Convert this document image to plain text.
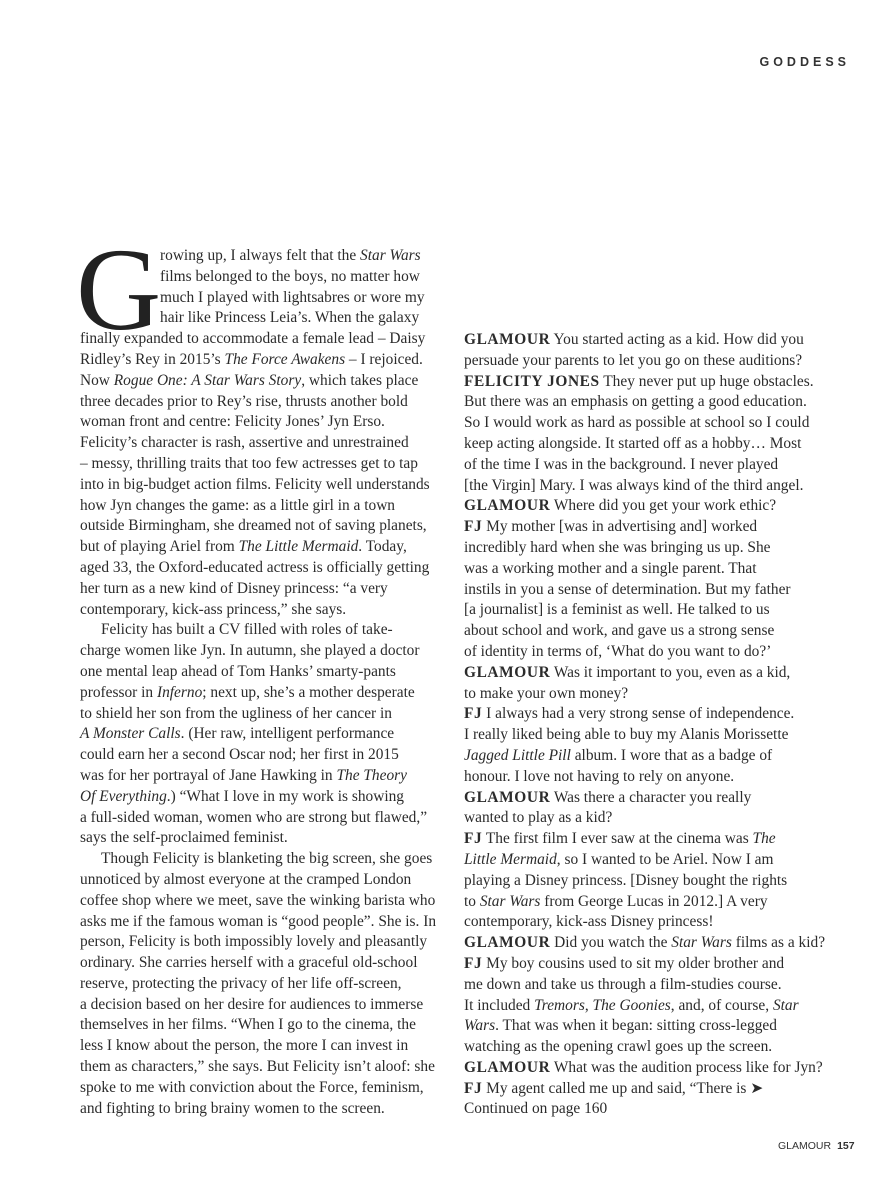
GODDESS
G
rowing up, I always felt that the Star Wars
films belonged to the boys, no matter how
much I played with lightsabres or wore my
hair like Princess Leia’s. When the galaxy
finally expanded to accommodate a female lead – Daisy
Ridley’s Rey in 2015’s The Force Awakens – I rejoiced.
Now Rogue One: A Star Wars Story, which takes place
three decades prior to Rey’s rise, thrusts another bold
woman front and centre: Felicity Jones’ Jyn Erso.
Felicity’s character is rash, assertive and unrestrained
– messy, thrilling traits that too few actresses get to tap
into in big-budget action films. Felicity well understands
how Jyn changes the game: as a little girl in a town
outside Birmingham, she dreamed not of saving planets,
but of playing Ariel from The Little Mermaid. Today,
aged 33, the Oxford-educated actress is officially getting
her turn as a new kind of Disney princess: “a very
contemporary, kick-ass princess,” she says.
Felicity has built a CV filled with roles of take-
charge women like Jyn. In autumn, she played a doctor
one mental leap ahead of Tom Hanks’ smarty-pants
professor in Inferno; next up, she’s a mother desperate
to shield her son from the ugliness of her cancer in
A Monster Calls. (Her raw, intelligent performance
could earn her a second Oscar nod; her first in 2015
was for her portrayal of Jane Hawking in The Theory
Of Everything.) “What I love in my work is showing
a full-sided woman, women who are strong but flawed,”
says the self-proclaimed feminist.
Though Felicity is blanketing the big screen, she goes
unnoticed by almost everyone at the cramped London
coffee shop where we meet, save the winking barista who
asks me if the famous woman is “good people”. She is. In
person, Felicity is both impossibly lovely and pleasantly
ordinary. She carries herself with a graceful old-school
reserve, protecting the privacy of her life off-screen,
a decision based on her desire for audiences to immerse
themselves in her films. “When I go to the cinema, the
less I know about the person, the more I can invest in
them as characters,” she says. But Felicity isn’t aloof: she
spoke to me with conviction about the Force, feminism,
and fighting to bring brainy women to the screen.
GLAMOUR You started acting as a kid. How did you
persuade your parents to let you go on these auditions?
FELICITY JONES They never put up huge obstacles.
But there was an emphasis on getting a good education.
So I would work as hard as possible at school so I could
keep acting alongside. It started off as a hobby… Most
of the time I was in the background. I never played
[the Virgin] Mary. I was always kind of the third angel.
GLAMOUR Where did you get your work ethic?
FJ My mother [was in advertising and] worked
incredibly hard when she was bringing us up. She
was a working mother and a single parent. That
instils in you a sense of determination. But my father
[a journalist] is a feminist as well. He talked to us
about school and work, and gave us a strong sense
of identity in terms of, ‘What do you want to do?’
GLAMOUR Was it important to you, even as a kid,
to make your own money?
FJ I always had a very strong sense of independence.
I really liked being able to buy my Alanis Morissette
Jagged Little Pill album. I wore that as a badge of
honour. I love not having to rely on anyone.
GLAMOUR Was there a character you really
wanted to play as a kid?
FJ The first film I ever saw at the cinema was The
Little Mermaid, so I wanted to be Ariel. Now I am
playing a Disney princess. [Disney bought the rights
to Star Wars from George Lucas in 2012.] A very
contemporary, kick-ass Disney princess!
GLAMOUR Did you watch the Star Wars films as a kid?
FJ My boy cousins used to sit my older brother and
me down and take us through a film-studies course.
It included Tremors, The Goonies, and, of course, Star
Wars. That was when it began: sitting cross-legged
watching as the opening crawl goes up the screen.
GLAMOUR What was the audition process like for Jyn?
FJ My agent called me up and said, “There is ➤
Continued on page 160
GLAMOUR 157
